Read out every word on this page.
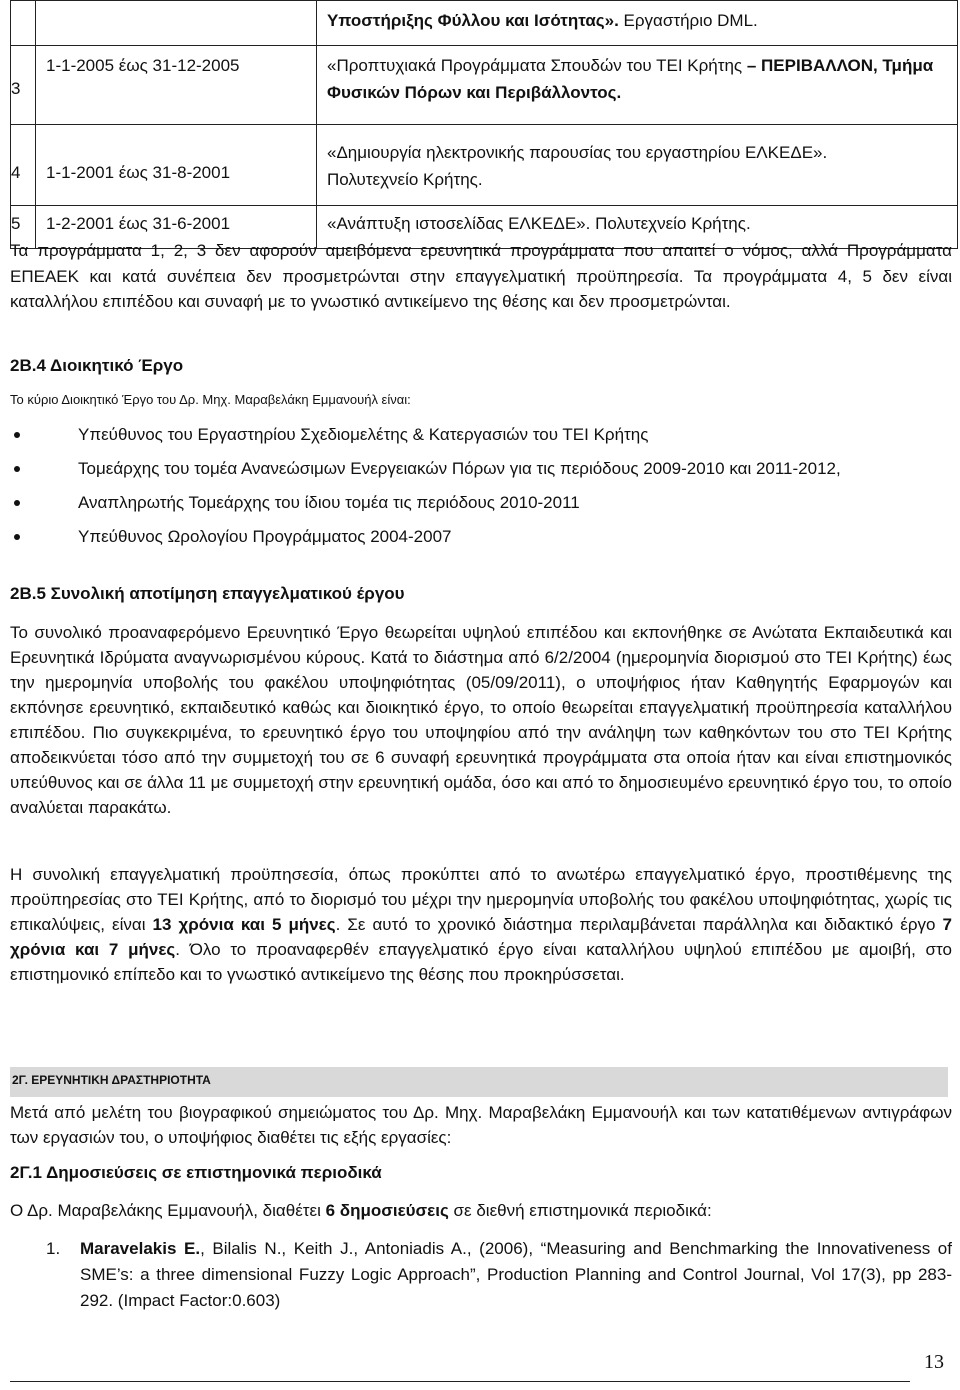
		Υποστήριξης Φύλλου και Ισότητας». Εργαστήριο DML.
3	1-1-2005 έως 31-12-2005	«Προπτυχιακά Προγράμματα Σπουδών του ΤΕΙ Κρήτης – ΠΕΡΙΒΑΛΛΟΝ, Τμήμα Φυσικών Πόρων και Περιβάλλοντος.
4	1-1-2001 έως 31-8-2001	«Δημιουργία ηλεκτρονικής παρουσίας του εργαστηρίου ΕΛΚΕΔΕ».
Πολυτεχνείο Κρήτης.

5	1-2-2001 έως 31-6-2001	«Ανάπτυξη ιστοσελίδας ΕΛΚΕΔΕ». Πολυτεχνείο Κρήτης.
Τα προγράμματα 1, 2, 3 δεν αφορούν αμειβόμενα ερευνητικά προγράμματα που απαιτεί ο νόμος, αλλά Προγράμματα ΕΠΕΑΕΚ και κατά συνέπεια δεν προσμετρώνται στην επαγγελματική προϋπηρεσία. Τα προγράμματα 4, 5 δεν είναι καταλλήλου επιπέδου και συναφή με το γνωστικό αντικείμενο της θέσης και δεν προσμετρώνται.
2Β.4 Διοικητικό Έργο
Το κύριο Διοικητικό Έργο του Δρ. Μηχ. Μαραβελάκη Εμμανουήλ είναι:
Υπεύθυνος του Εργαστηρίου Σχεδιομελέτης & Κατεργασιών του ΤΕΙ Κρήτης
Τομεάρχης του τομέα Ανανεώσιμων Ενεργειακών Πόρων για τις περιόδους 2009-2010 και 2011-2012,
Αναπληρωτής Τομεάρχης του ίδιου τομέα τις περιόδους 2010-2011
Υπεύθυνος Ωρολογίου Προγράμματος 2004-2007
2Β.5 Συνολική αποτίμηση επαγγελματικού έργου
Το συνολικό προαναφερόμενο Ερευνητικό Έργο θεωρείται υψηλού επιπέδου και εκπονήθηκε σε Ανώτατα Εκπαιδευτικά και Ερευνητικά Ιδρύματα αναγνωρισμένου κύρους. Κατά το διάστημα από 6/2/2004 (ημερομηνία διορισμού στο ΤΕΙ Κρήτης) έως την ημερομηνία υποβολής του φακέλου υποψηφιότητας (05/09/2011), ο υποψήφιος ήταν Καθηγητής Εφαρμογών και εκπόνησε ερευνητικό, εκπαιδευτικό καθώς και διοικητικό έργο, το οποίο θεωρείται επαγγελματική προϋπηρεσία καταλλήλου επιπέδου. Πιο συγκεκριμένα, το ερευνητικό έργο του υποψηφίου από την ανάληψη των καθηκόντων του στο ΤΕΙ Κρήτης αποδεικνύεται τόσο από την συμμετοχή του σε 6 συναφή ερευνητικά προγράμματα στα οποία ήταν και είναι επιστημονικός υπεύθυνος και σε άλλα 11 με συμμετοχή στην ερευνητική ομάδα, όσο και από το δημοσιευμένο ερευνητικό έργο του, το οποίο αναλύεται παρακάτω.
Η συνολική επαγγελματική προϋπησεσία, όπως προκύπτει από το ανωτέρω επαγγελματικό έργο, προστιθέμενης της προϋπηρεσίας στο ΤΕΙ Κρήτης, από το διορισμό του μέχρι την ημερομηνία υποβολής του φακέλου υποψηφιότητας, χωρίς τις επικαλύψεις, είναι 13 χρόνια και 5 μήνες. Σε αυτό το χρονικό διάστημα περιλαμβάνεται παράλληλα και διδακτικό έργο 7 χρόνια και 7 μήνες. Όλο το προαναφερθέν επαγγελματικό έργο είναι καταλλήλου υψηλού επιπέδου με αμοιβή, στο επιστημονικό επίπεδο και το γνωστικό αντικείμενο της θέσης που προκηρύσσεται.
2Γ. ΕΡΕΥΝΗΤΙΚΗ ΔΡΑΣΤΗΡΙΟΤΗΤΑ
Μετά από μελέτη του βιογραφικού σημειώματος του Δρ. Μηχ. Μαραβελάκη Εμμανουήλ και των κατατιθέμενων αντιγράφων των εργασιών του, ο υποψήφιος διαθέτει τις εξής εργασίες:
2Γ.1 Δημοσιεύσεις σε επιστημονικά περιοδικά
Ο Δρ. Μαραβελάκης Εμμανουήλ, διαθέτει 6 δημοσιεύσεις σε διεθνή επιστημονικά περιοδικά:
1. Maravelakis E., Bilalis N., Keith J., Antoniadis A., (2006), “Measuring and Benchmarking the Innovativeness of SME’s: a three dimensional Fuzzy Logic Approach”, Production Planning and Control Journal, Vol 17(3), pp 283-292. (Impact Factor:0.603)
13
